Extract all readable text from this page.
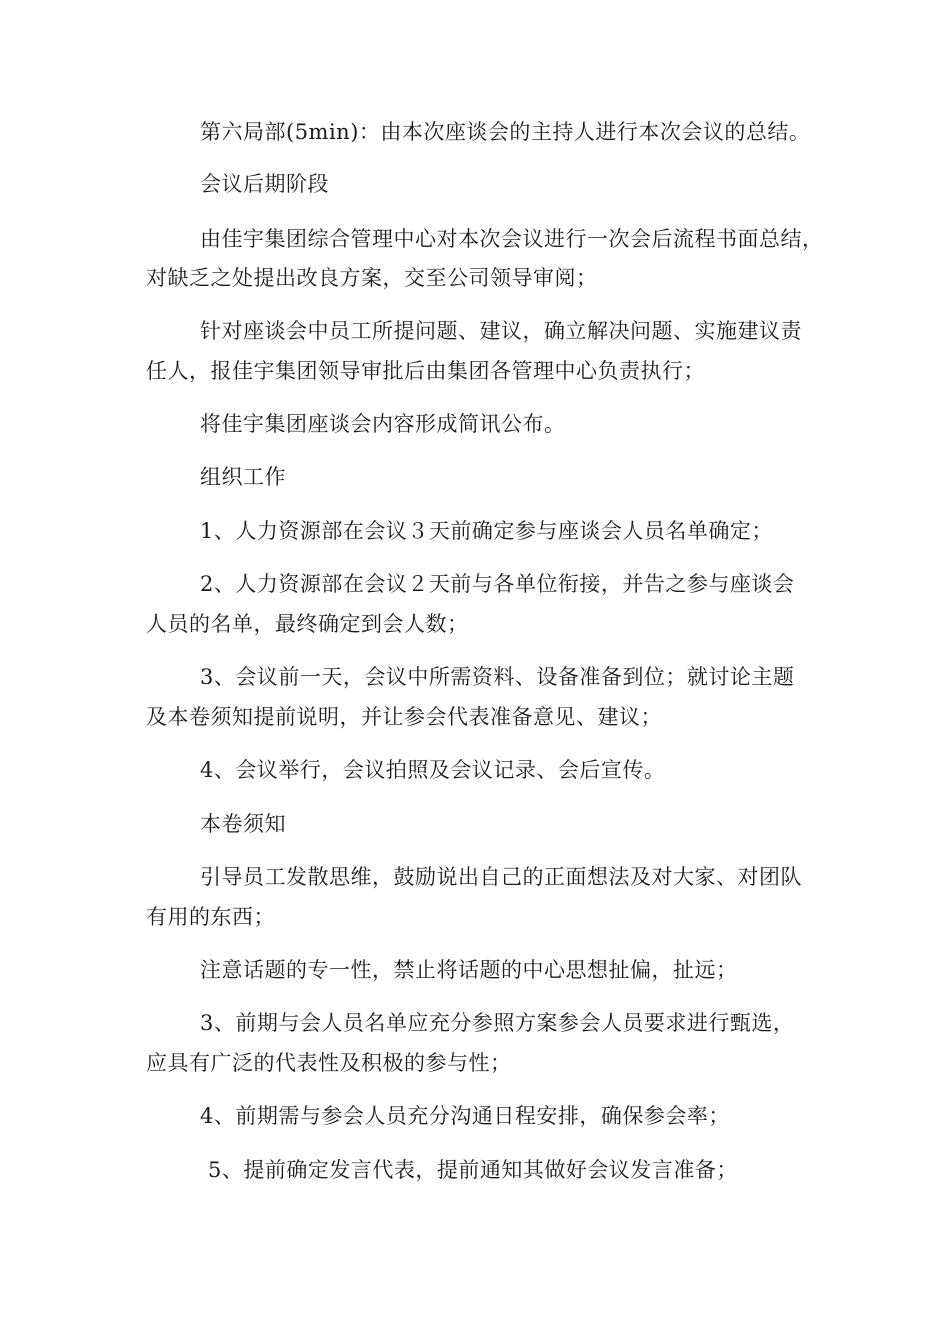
第六局部(5min)：由本次座谈会的主持人进行本次会议的总结。
会议后期阶段
由佳宇集团综合管理中心对本次会议进行一次会后流程书面总结，
对缺乏之处提出改良方案，交至公司领导审阅；
针对座谈会中员工所提问题、建议，确立解决问题、实施建议责
任人，报佳宇集团领导审批后由集团各管理中心负责执行；
将佳宇集团座谈会内容形成简讯公布。
组织工作
1、人力资源部在会议３天前确定参与座谈会人员名单确定；
2、人力资源部在会议２天前与各单位衔接，并告之参与座谈会
人员的名单，最终确定到会人数；
3、会议前一天，会议中所需资料、设备准备到位；就讨论主题
及本卷须知提前说明，并让参会代表准备意见、建议；
4、会议举行，会议拍照及会议记录、会后宣传。
本卷须知
引导员工发散思维，鼓励说出自己的正面想法及对大家、对团队
有用的东西；
注意话题的专一性，禁止将话题的中心思想扯偏，扯远；
3、前期与会人员名单应充分参照方案参会人员要求进行甄选，
应具有广泛的代表性及积极的参与性；
4、前期需与参会人员充分沟通日程安排，确保参会率；
5、提前确定发言代表，提前通知其做好会议发言准备；
